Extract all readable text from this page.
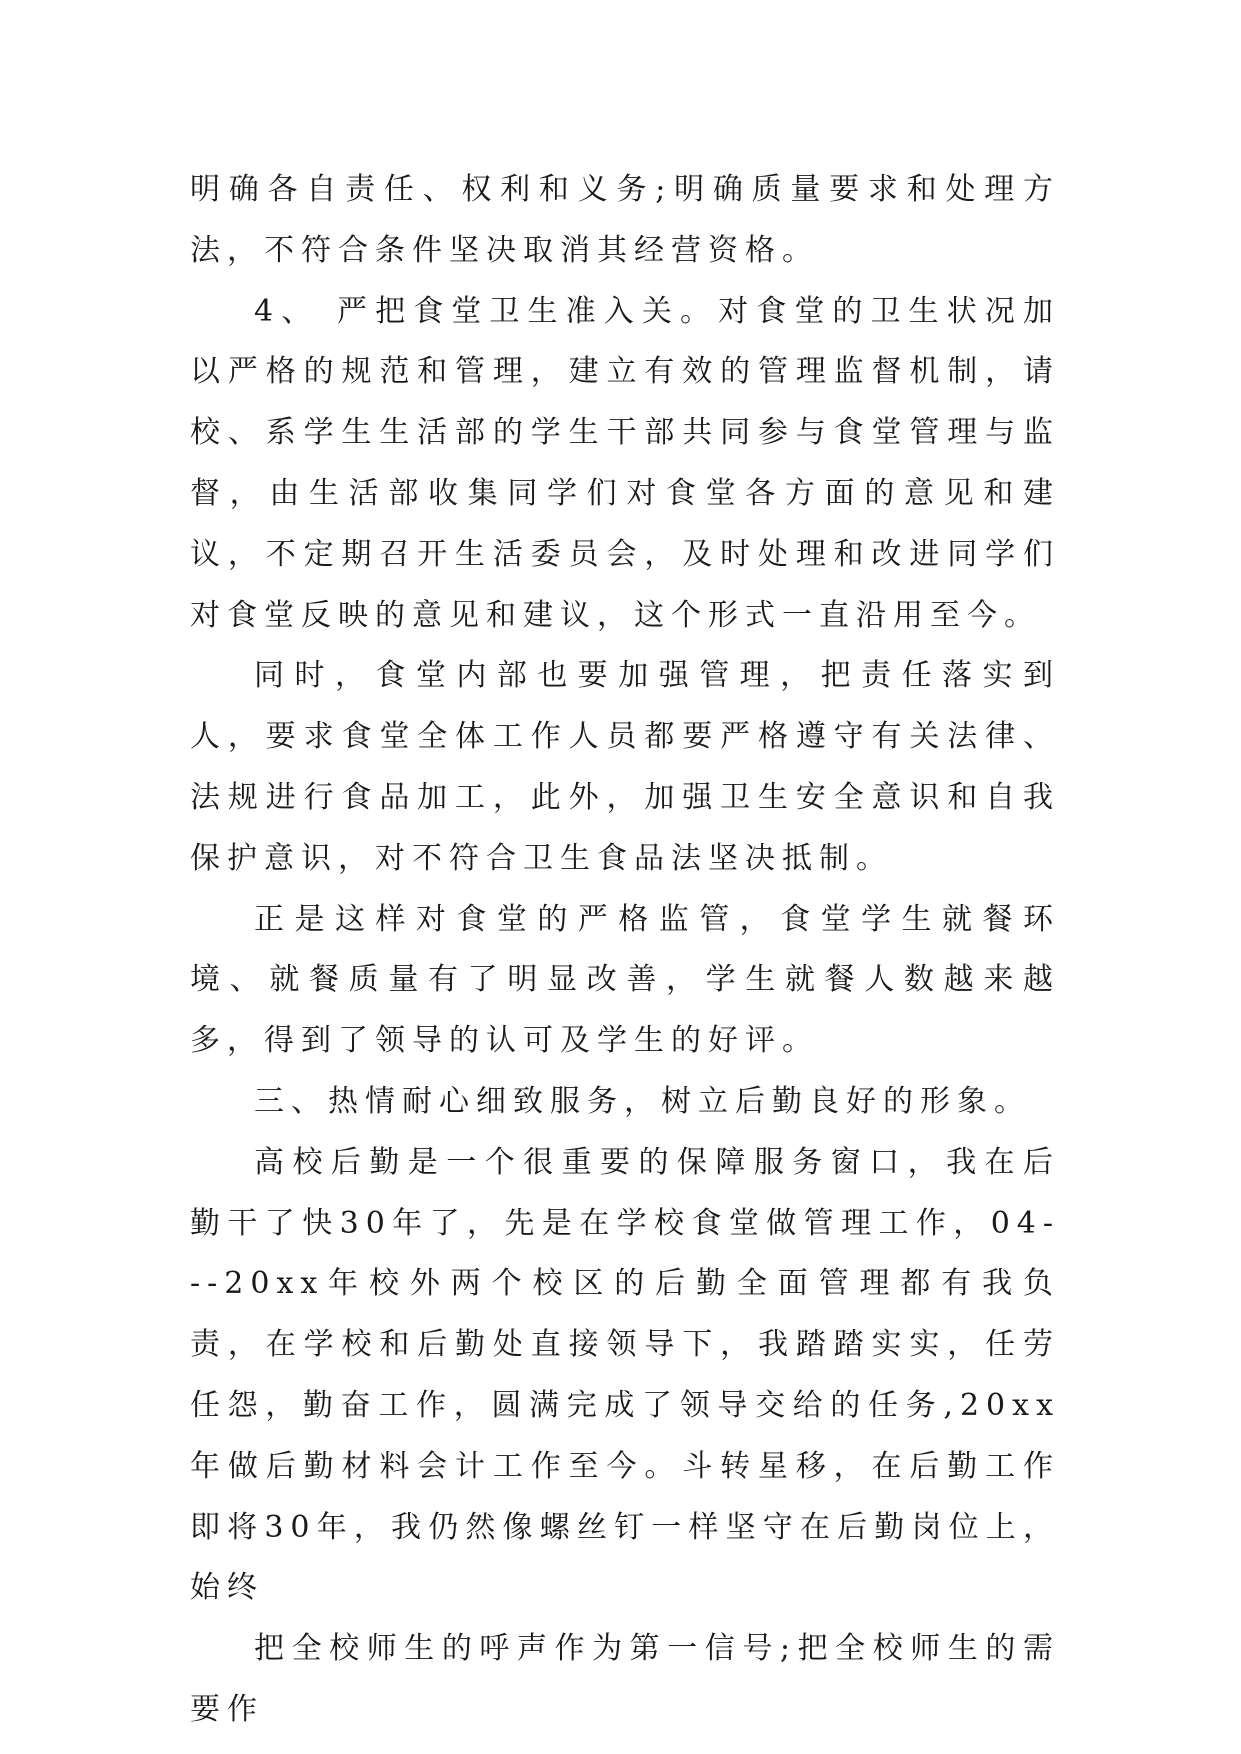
明确各自责任、权利和义务;明确质量要求和处理方法，不符合条件坚决取消其经营资格。

4、 严把食堂卫生准入关。对食堂的卫生状况加以严格的规范和管理，建立有效的管理监督机制，请校、系学生生活部的学生干部共同参与食堂管理与监督，由生活部收集同学们对食堂各方面的意见和建议，不定期召开生活委员会，及时处理和改进同学们对食堂反映的意见和建议，这个形式一直沿用至今。

同时，食堂内部也要加强管理，把责任落实到人，要求食堂全体工作人员都要严格遵守有关法律、法规进行食品加工，此外，加强卫生安全意识和自我保护意识，对不符合卫生食品法坚决抵制。

正是这样对食堂的严格监管，食堂学生就餐环境、就餐质量有了明显改善，学生就餐人数越来越多，得到了领导的认可及学生的好评。

三、热情耐心细致服务，树立后勤良好的形象。

高校后勤是一个很重要的保障服务窗口，我在后勤干了快30年了，先是在学校食堂做管理工作，04---20xx年校外两个校区的后勤全面管理都有我负责，在学校和后勤处直接领导下，我踏踏实实，任劳任怨，勤奋工作，圆满完成了领导交给的任务,20xx年做后勤材料会计工作至今。斗转星移，在后勤工作即将30年，我仍然像螺丝钉一样坚守在后勤岗位上，始终

把全校师生的呼声作为第一信号;把全校师生的需要作
